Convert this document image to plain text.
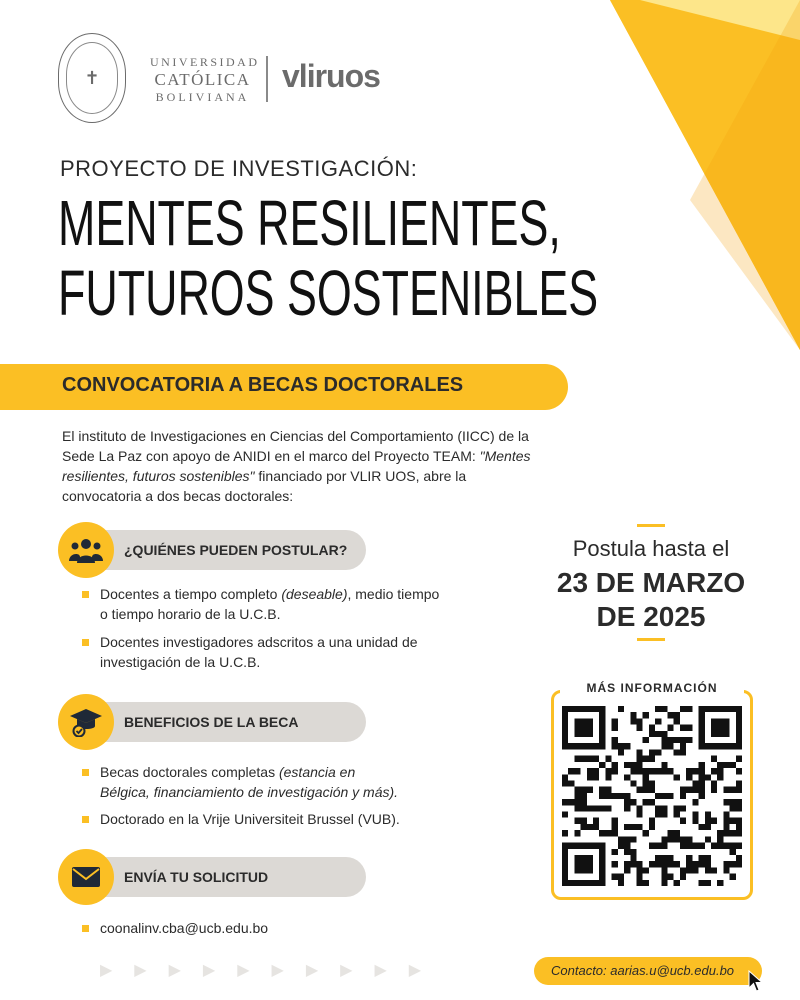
✝
UNIVERSIDAD
CATÓLICA
BOLIVIANA
vliruos
PROYECTO DE INVESTIGACIÓN:
MENTES RESILIENTES,
FUTUROS SOSTENIBLES
CONVOCATORIA A BECAS DOCTORALES
El instituto de Investigaciones en Ciencias del Comportamiento (IICC) de la Sede La Paz con apoyo de ANIDI en el marco del Proyecto TEAM: "Mentes resilientes, futuros sostenibles" financiado por VLIR UOS, abre la convocatoria a dos becas doctorales:
¿QUIÉNES PUEDEN POSTULAR?
Docentes a tiempo completo (deseable), medio tiempo o tiempo horario de la U.C.B.
Docentes investigadores adscritos a una unidad de investigación de la U.C.B.
BENEFICIOS DE LA BECA
Becas doctorales completas (estancia en Bélgica, financiamiento de investigación y más).
Doctorado en la Vrije Universiteit Brussel (VUB).
ENVÍA TU SOLICITUD
coonalinv.cba@ucb.edu.bo
Postula hasta el
23 DE MARZO
DE 2025
MÁS INFORMACIÓN
▶▶▶▶▶▶▶▶▶▶	Contacto: aarias.u@ucb.edu.bo
